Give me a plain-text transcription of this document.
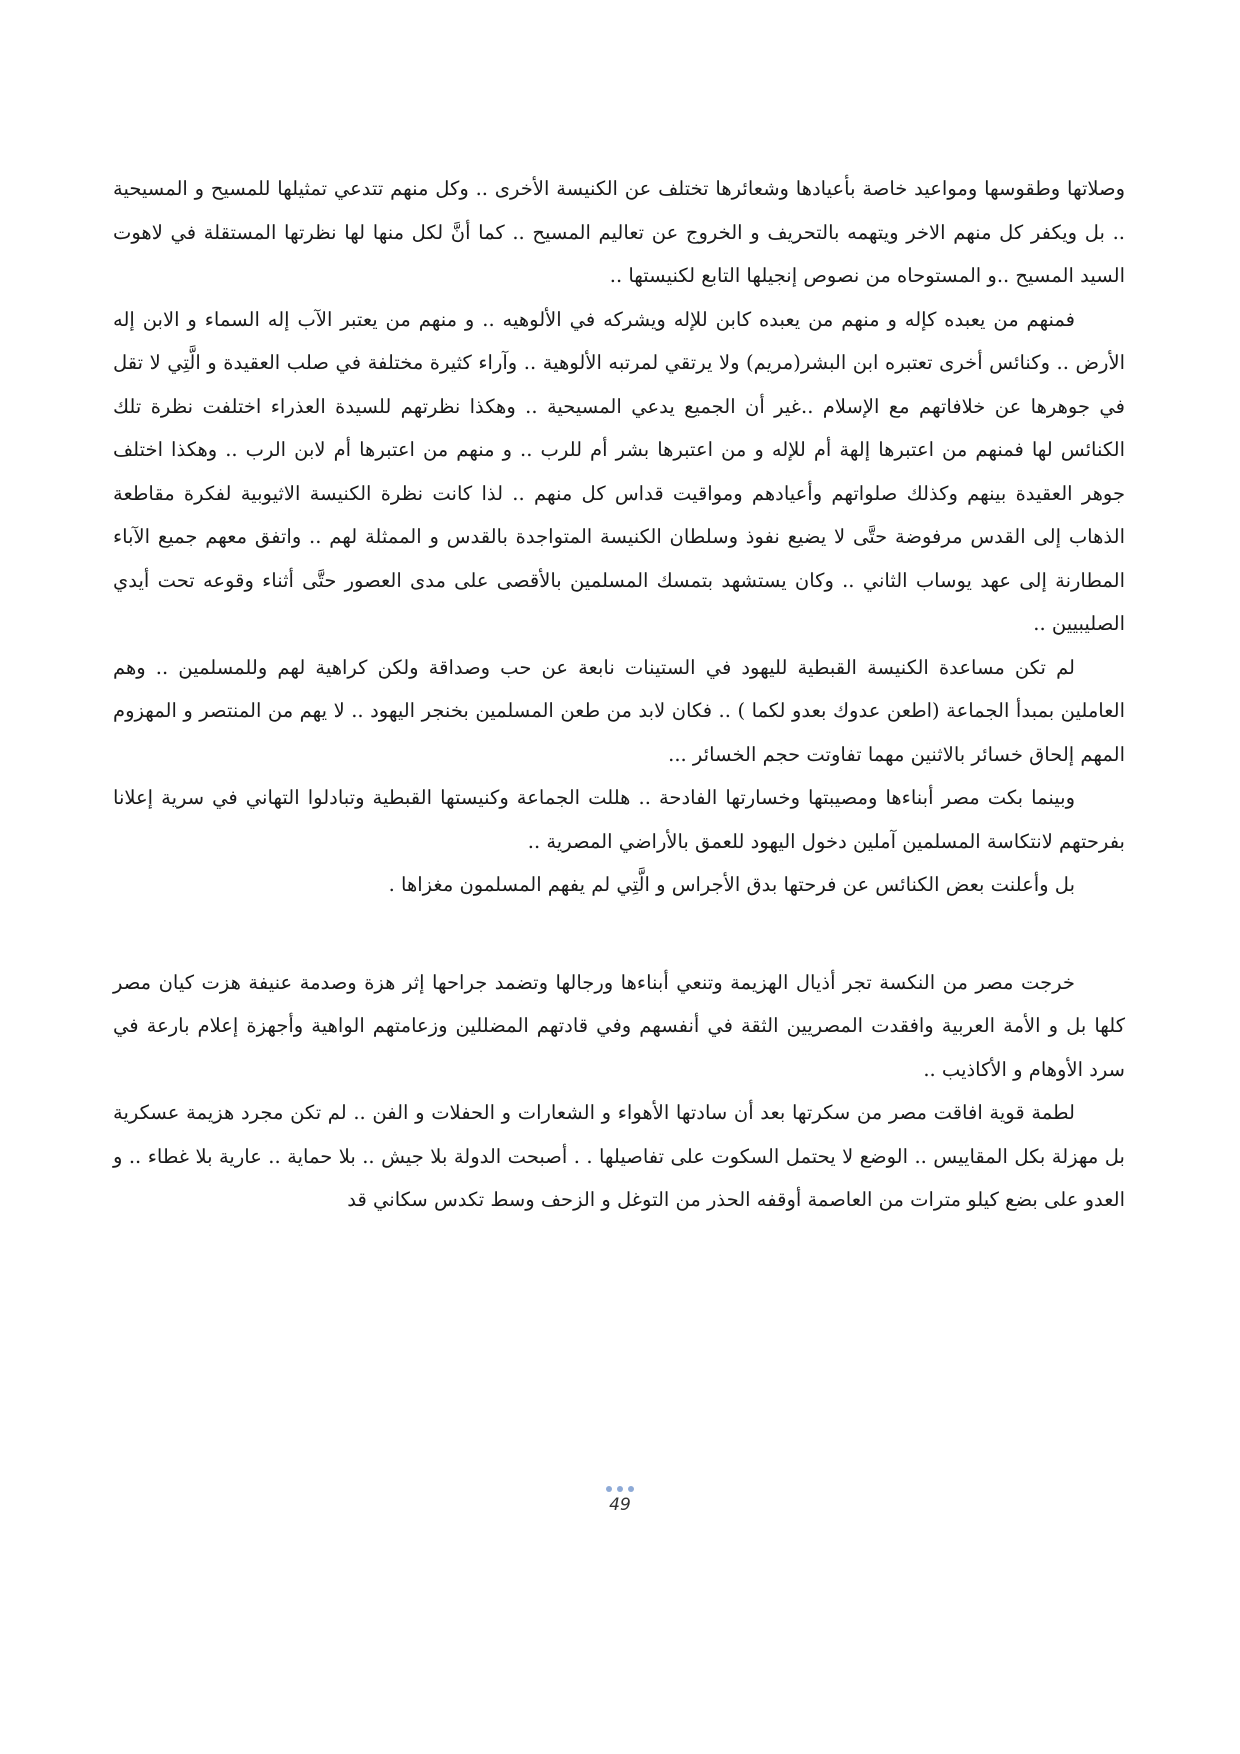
وصلاتها وطقوسها ومواعيد خاصة بأعيادها وشعائرها تختلف عن الكنيسة الأخرى .. وكل منهم تتدعي تمثيلها للمسيح و المسيحية .. بل ويكفر كل منهم الاخر ويتهمه بالتحريف و الخروج عن تعاليم المسيح .. كما أنَّ لكل منها لها نظرتها المستقلة في لاهوت السيد المسيح ..و المستوحاه من نصوص إنجيلها التابع لكنيستها ..

فمنهم من يعبده كإله و منهم من يعبده كابن للإله ويشركه في الألوهيه .. و منهم من يعتبر الآب إله السماء و الابن إله الأرض .. وكنائس أخرى تعتبره ابن البشر(مريم) ولا يرتقي لمرتبه الألوهية .. وآراء كثيرة مختلفة في صلب العقيدة و الَّتِي لا تقل في جوهرها عن خلافاتهم مع الإسلام ..غير أن الجميع يدعي المسيحية .. وهكذا نظرتهم للسيدة العذراء اختلفت نظرة تلك الكنائس لها فمنهم من اعتبرها إلهة أم للإله و من اعتبرها بشر أم للرب .. و منهم من اعتبرها أم لابن الرب .. وهكذا اختلف جوهر العقيدة بينهم وكذلك صلواتهم وأعيادهم ومواقيت قداس كل منهم .. لذا كانت نظرة الكنيسة الاثيوبية لفكرة مقاطعة الذهاب إلى القدس مرفوضة حتَّى لا يضيع نفوذ وسلطان الكنيسة المتواجدة بالقدس و الممثلة لهم .. واتفق معهم جميع الآباء المطارنة إلى عهد يوساب الثاني .. وكان يستشهد بتمسك المسلمين بالأقصى على مدى العصور حتَّى أثناء وقوعه تحت أيدي الصليبيين ..

لم تكن مساعدة الكنيسة القبطية لليهود في الستينات نابعة عن حب وصداقة ولكن كراهية لهم وللمسلمين .. وهم العاملين بمبدأ الجماعة (اطعن عدوك بعدو لكما ) .. فكان لابد من طعن المسلمين بخنجر اليهود .. لا يهم من المنتصر و المهزوم المهم إلحاق خسائر بالاثنين مهما تفاوتت حجم الخسائر ...

وبينما بكت مصر أبناءها ومصيبتها وخسارتها الفادحة .. هللت الجماعة وكنيستها القبطية وتبادلوا التهاني في سرية إعلانا بفرحتهم لانتكاسة المسلمين آملين دخول اليهود للعمق بالأراضي المصرية ..

بل وأعلنت بعض الكنائس عن فرحتها بدق الأجراس و الَّتِي لم يفهم المسلمون مغزاها .

خرجت مصر من النكسة تجر أذيال الهزيمة وتنعي أبناءها ورجالها وتضمد جراحها إثر هزة وصدمة عنيفة هزت كيان مصر كلها بل و الأمة العربية وافقدت المصريين الثقة في أنفسهم وفي قادتهم المضللين وزعامتهم الواهية وأجهزة إعلام بارعة في سرد الأوهام و الأكاذيب ..

لطمة قوية افاقت مصر من سكرتها بعد أن سادتها الأهواء و الشعارات و الحفلات و الفن .. لم تكن مجرد هزيمة عسكرية بل مهزلة بكل المقاييس .. الوضع لا يحتمل السكوت على تفاصيلها . . أصبحت الدولة بلا جيش .. بلا حماية .. عارية بلا غطاء .. و العدو على بضع كيلو مترات من العاصمة أوقفه الحذر من التوغل و الزحف وسط تكدس سكاني قد

49
